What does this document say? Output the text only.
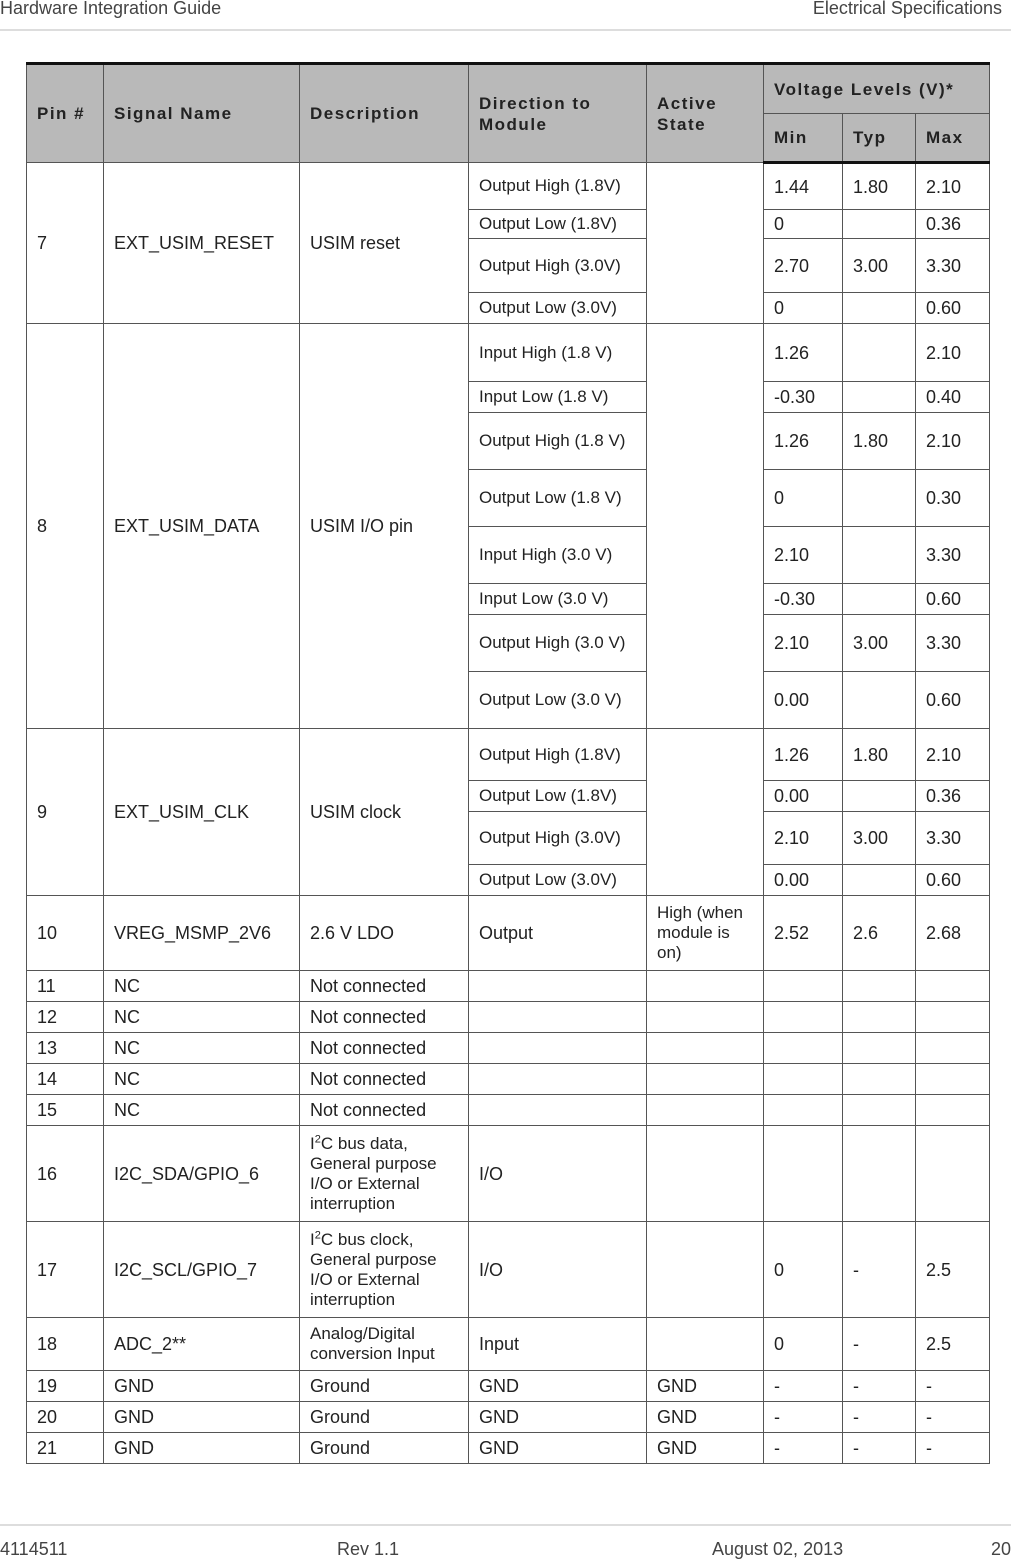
Hardware Integration Guide	Electrical Specifications
Pin #	Signal Name	Description	Direction to Module	Active State	Voltage Levels (V)*		
					Min	Typ	Max
7	EXT_USIM_RESET	USIM reset	Output High (1.8V)		1.44	1.80	2.10
			Output Low (1.8V)		0		0.36
			Output High (3.0V)		2.70	3.00	3.30
			Output Low (3.0V)		0		0.60
8	EXT_USIM_DATA	USIM I/O pin	Input High (1.8 V)		1.26		2.10
			Input Low (1.8 V)		-0.30		0.40
			Output High (1.8 V)		1.26	1.80	2.10
			Output Low (1.8 V)		0		0.30
			Input High (3.0 V)		2.10		3.30
			Input Low (3.0 V)		-0.30		0.60
			Output High (3.0 V)		2.10	3.00	3.30
			Output Low (3.0 V)		0.00		0.60
9	EXT_USIM_CLK	USIM clock	Output High (1.8V)		1.26	1.80	2.10
			Output Low (1.8V)		0.00		0.36
			Output High (3.0V)		2.10	3.00	3.30
			Output Low (3.0V)		0.00		0.60
10	VREG_MSMP_2V6	2.6 V LDO	Output	High (when module is on)	2.52	2.6	2.68
11	NC	Not connected					
12	NC	Not connected					
13	NC	Not connected					
14	NC	Not connected					
15	NC	Not connected					
16	I2C_SDA/GPIO_6	$I^2C$ bus data, General purpose I/O or External interruption	I/O				
17	I2C_SCL/GPIO_7	$I^2C$ bus clock, General purpose I/O or External interruption	I/O		0	-	2.5
18	ADC_2**	Analog/Digital conversion Input	Input		0	-	2.5
19	GND	Ground	GND	GND	-	-	-
20	GND	Ground	GND	GND	-	-	-
21	GND	Ground	GND	GND	-	-	-
4114511	Rev 1.1	August 02, 2013	20
